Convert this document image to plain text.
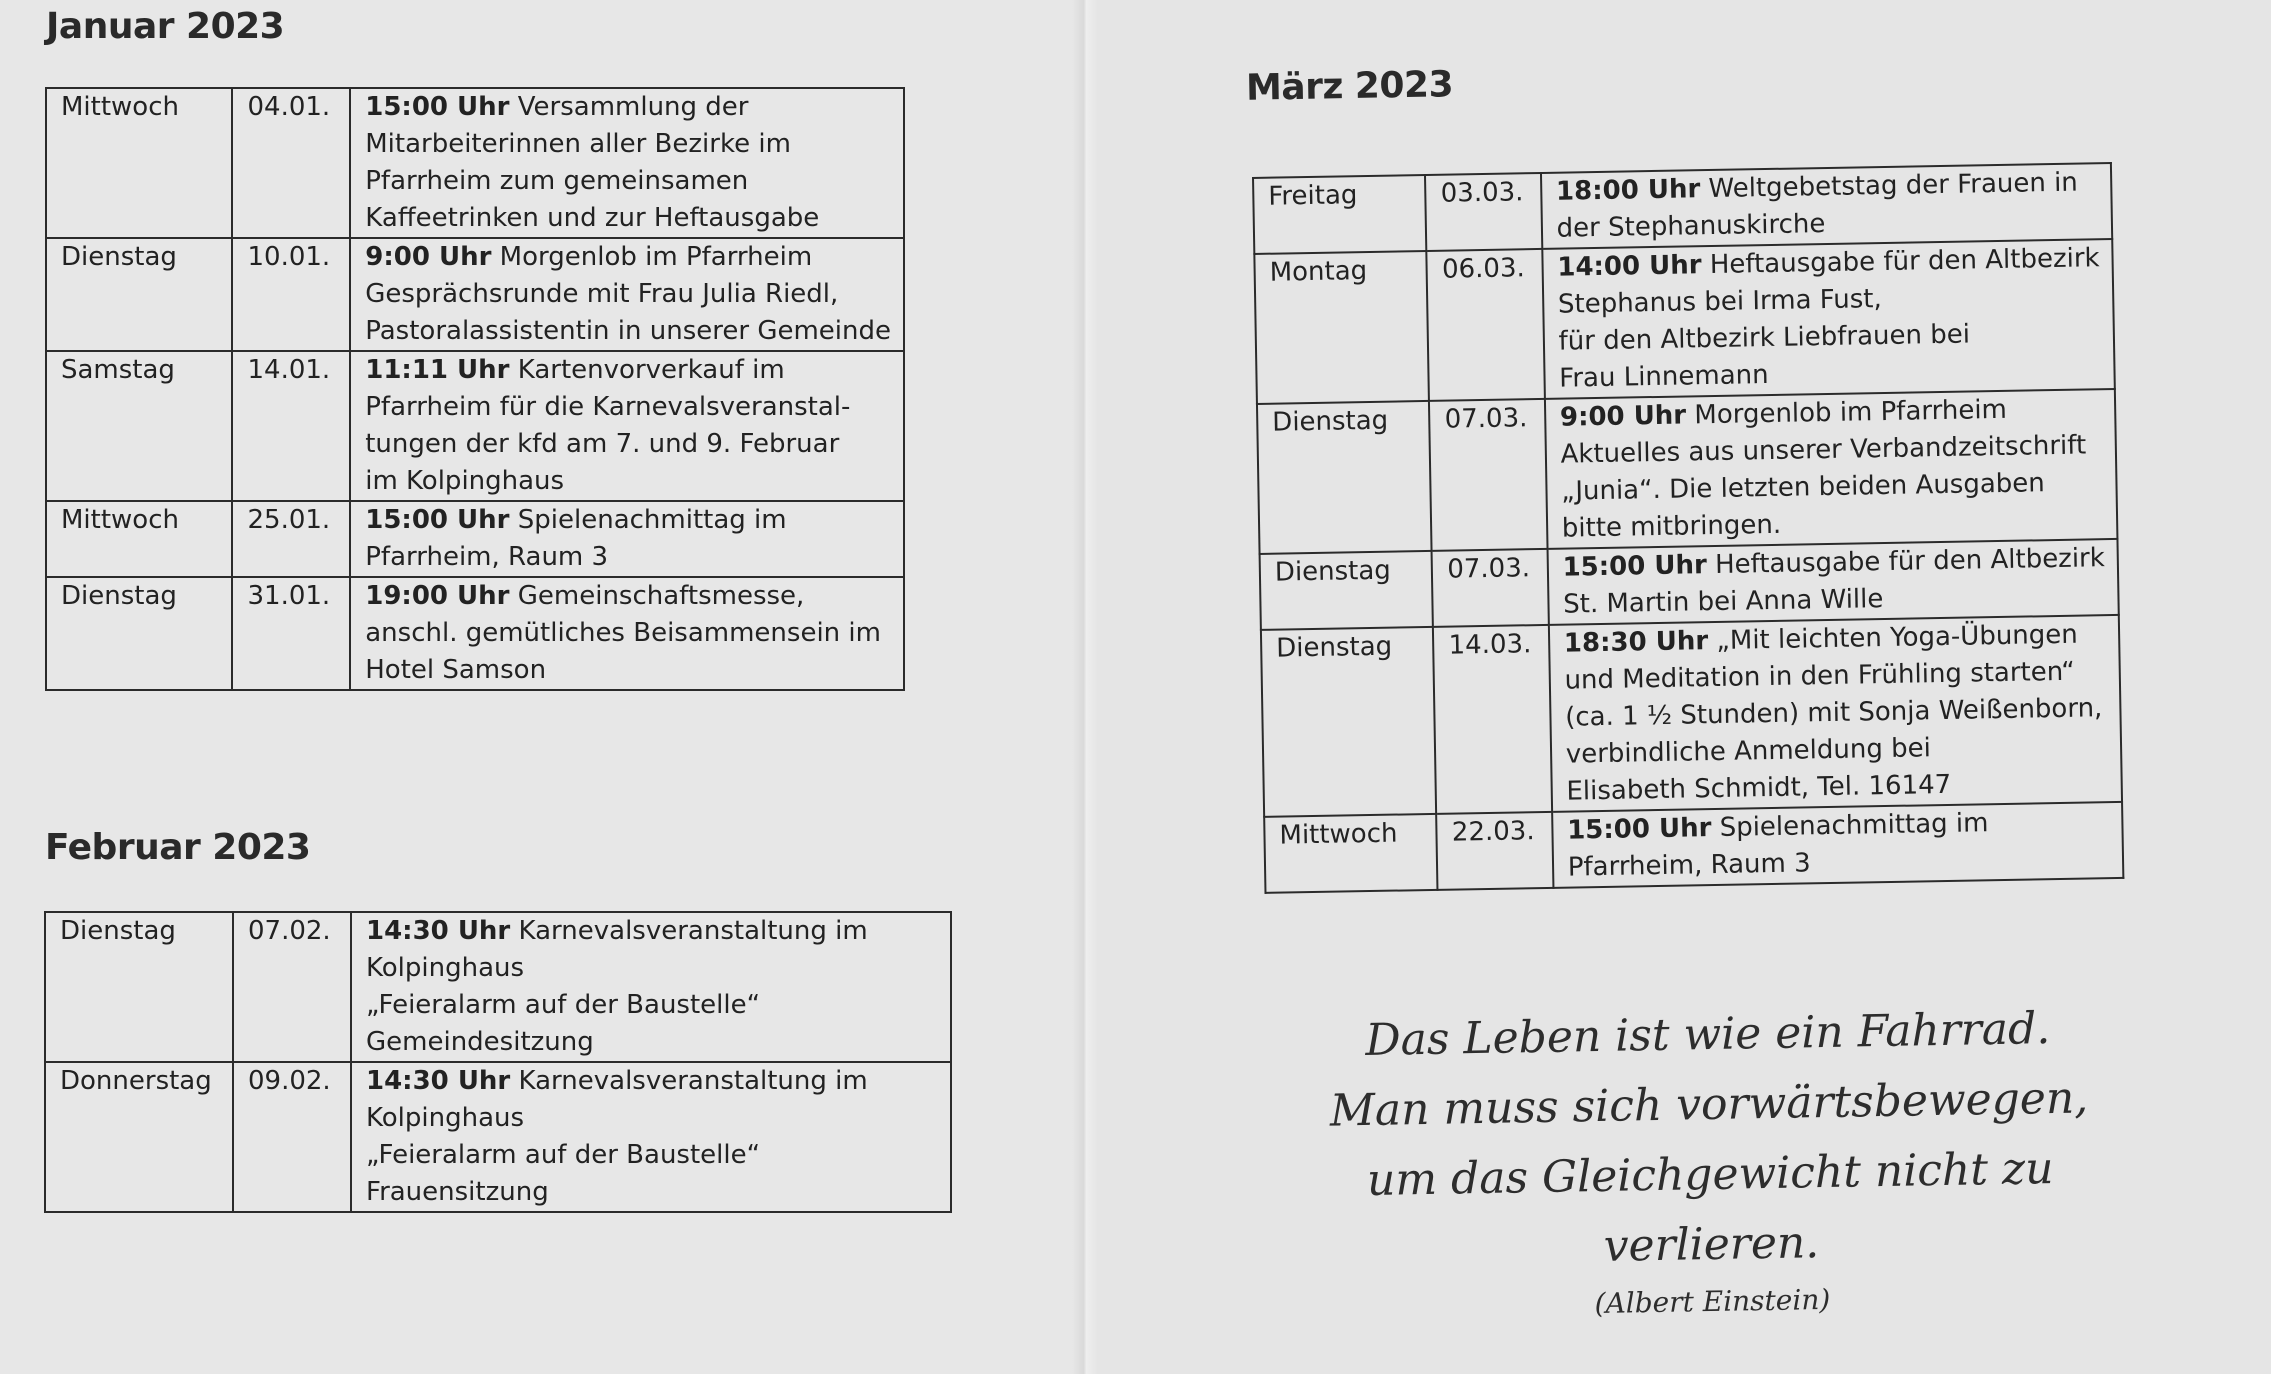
Januar 2023
Mittwoch	04.01.	15:00 Uhr Versammlung der
Mitarbeiterinnen aller Bezirke im
Pfarrheim zum gemeinsamen
Kaffeetrinken und zur Heftausgabe

Dienstag	10.01.	9:00 Uhr Morgenlob im Pfarrheim
Gesprächsrunde mit Frau Julia Riedl,
Pastoralassistentin in unserer Gemeinde

Samstag	14.01.	11:11 Uhr Kartenvorverkauf im
Pfarrheim für die Karnevalsveranstal-
tungen der kfd am 7. und 9. Februar
im Kolpinghaus

Mittwoch	25.01.	15:00 Uhr Spielenachmittag im
Pfarrheim, Raum 3

Dienstag	31.01.	19:00 Uhr Gemeinschaftsmesse,
anschl. gemütliches Beisammensein im
Hotel Samson
Februar 2023
Dienstag	07.02.	14:30 Uhr Karnevalsveranstaltung im
Kolpinghaus
„Feieralarm auf der Baustelle“
Gemeindesitzung

Donnerstag	09.02.	14:30 Uhr Karnevalsveranstaltung im
Kolpinghaus
„Feieralarm auf der Baustelle“
Frauensitzung
März 2023
Freitag	03.03.	18:00 Uhr Weltgebetstag der Frauen in
der Stephanuskirche

Montag	06.03.	14:00 Uhr Heftausgabe für den Altbezirk
Stephanus bei Irma Fust,
für den Altbezirk Liebfrauen bei
Frau Linnemann

Dienstag	07.03.	9:00 Uhr Morgenlob im Pfarrheim
Aktuelles aus unserer Verbandzeitschrift
„Junia“. Die letzten beiden Ausgaben
bitte mitbringen.

Dienstag	07.03.	15:00 Uhr Heftausgabe für den Altbezirk
St. Martin bei Anna Wille

Dienstag	14.03.	18:30 Uhr „Mit leichten Yoga-Übungen
und Meditation in den Frühling starten“
(ca. 1 ½ Stunden) mit Sonja Weißenborn,
verbindliche Anmeldung bei
Elisabeth Schmidt, Tel. 16147

Mittwoch	22.03.	15:00 Uhr Spielenachmittag im
Pfarrheim, Raum 3
Das Leben ist wie ein Fahrrad.
Man muss sich vorwärtsbewegen,
um das Gleichgewicht nicht zu
verlieren.
(Albert Einstein)
